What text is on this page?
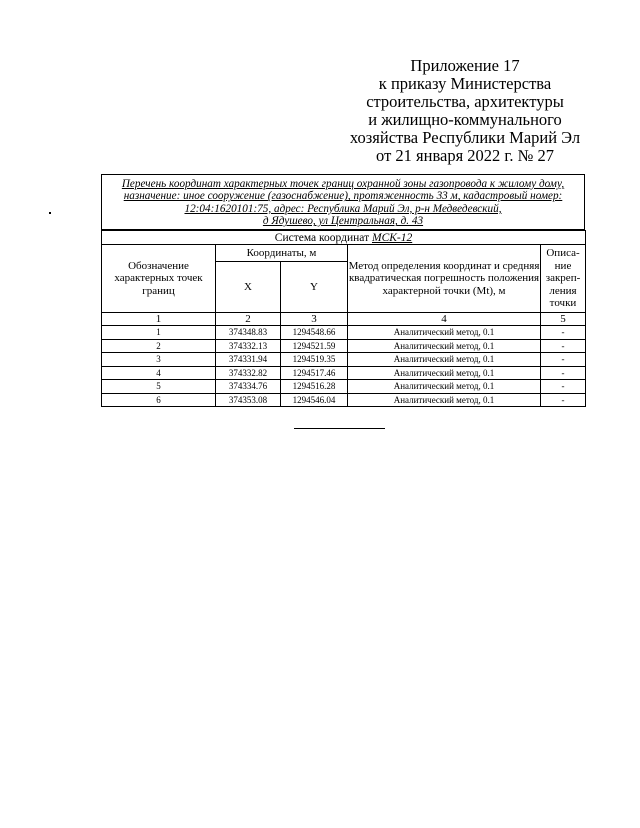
Приложение 17
к приказу Министерства
строительства, архитектуры
и жилищно-коммунального
хозяйства Республики Марий Эл
от 21 января 2022 г. № 27
Перечень координат характерных точек границ охранной зоны газопровода к жилому дому,
назначение: иное сооружение (газоснабжение), протяженность 33 м, кадастровый номер:
12:04:1620101:75, адрес: Республика Марий Эл, р-н Медведевский,
д Ядушево, ул Центральная, д. 43
Система координат МСК-12				
Обозначение характерных точек границ	Координаты, м		Метод определения координат и средняя квадратическая погрешность положения характерной точки (Mt), м	Описа-ние закреп-ления точки
	X	Y		
1	2	3	4	5
1	374348.83	1294548.66	Аналитический метод, 0.1	-
2	374332.13	1294521.59	Аналитический метод, 0.1	-
3	374331.94	1294519.35	Аналитический метод, 0.1	-
4	374332.82	1294517.46	Аналитический метод, 0.1	-
5	374334.76	1294516.28	Аналитический метод, 0.1	-
6	374353.08	1294546.04	Аналитический метод, 0.1	-
